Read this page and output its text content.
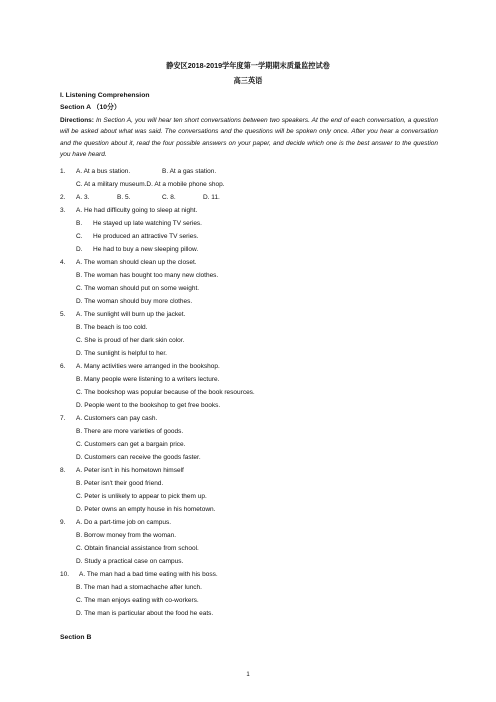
静安区2018-2019学年度第一学期期末质量监控试卷
高三英语
I. Listening Comprehension
Section A （10分）
Directions: In Section A, you will hear ten short conversations between two speakers. At the end of each conversation, a question will be asked about what was said. The conversations and the questions will be spoken only once. After you hear a conversation and the question about it, read the four possible answers on your paper, and decide which one is the best answer to the question you have heard.
1. A. At a bus station.	B. At a gas station.
C. At a military museum.D. At a mobile phone shop.
2. A. 3.	B. 5.	C. 8.	D. 11.
3. A. He had difficulty going to sleep at night.
B. He stayed up late watching TV series.
C. He produced an attractive TV series.
D. He had to buy a new sleeping pillow.
4. A. The woman should clean up the closet.
B. The woman has bought too many new clothes.
C. The woman should put on some weight.
D. The woman should buy more clothes.
5. A. The sunlight will burn up the jacket.
B. The beach is too cold.
C. She is proud of her dark skin color.
D. The sunlight is helpful to her.
6. A. Many activities were arranged in the bookshop.
B. Many people were listening to a writers lecture.
C. The bookshop was popular because of the book resources.
D. People went to the bookshop to get free books.
7. A. Customers can pay cash.
B. There are more varieties of goods.
C. Customers can get a bargain price.
D. Customers can receive the goods faster.
8. A. Peter isn't in his hometown himself
B. Peter isn't their good friend.
C. Peter is unlikely to appear to pick them up.
D. Peter owns an empty house in his hometown.
9. A. Do a part-time job on campus.
B. Borrow money from the woman.
C. Obtain financial assistance from school.
D. Study a practical case on campus.
10. A. The man had a bad time eating with his boss.
B. The man had a stomachache after lunch.
C. The man enjoys eating with co-workers.
D. The man is particular about the food he eats.
Section B
1
